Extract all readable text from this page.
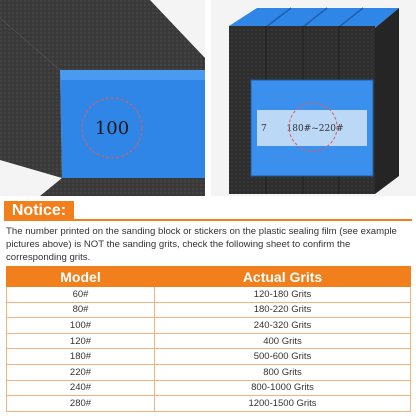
100	7 180#~220#
Notice:

The number printed on the sanding block or stickers on the plastic sealing film (see example pictures above) is NOT the sanding grits, check the following sheet to confirm the corresponding grits.

Model	Actual Grits
60#	120-180 Grits
80#	180-220 Grits
100#	240-320 Grits
120#	400 Grits
180#	500-600 Grits
220#	800 Grits
240#	800-1000 Grits
280#	1200-1500 Grits
